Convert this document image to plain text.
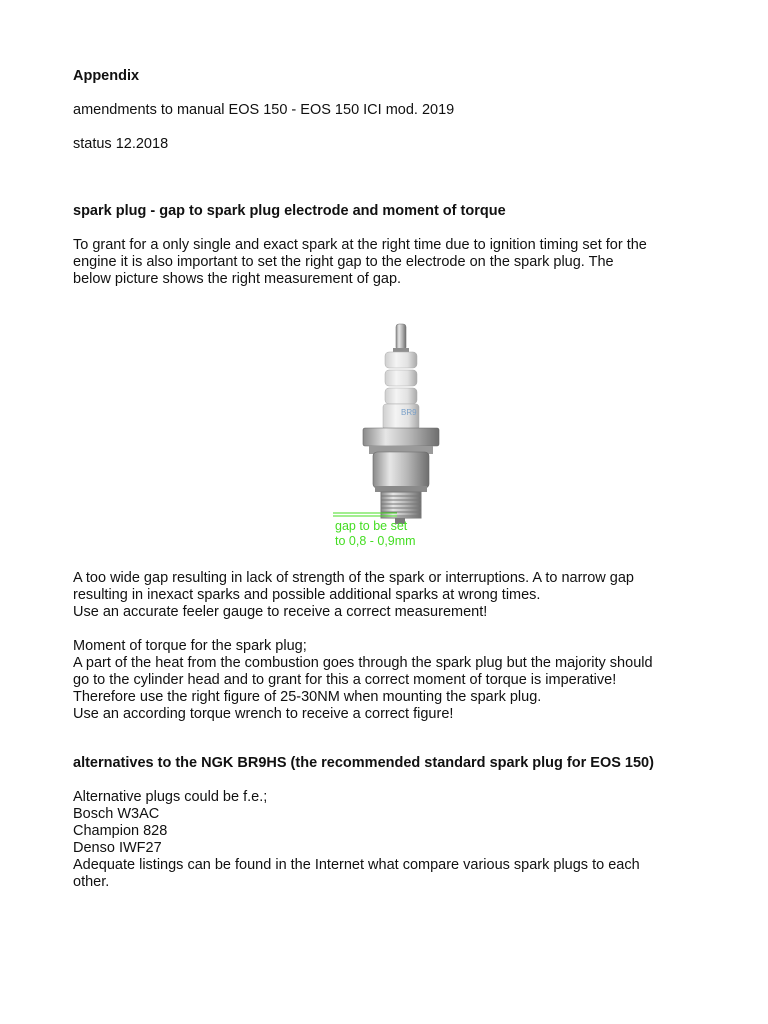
Appendix
amendments to manual EOS 150 - EOS 150 ICI mod. 2019
status 12.2018
spark plug - gap to spark plug electrode and moment of torque
To grant for a only single and exact spark at the right time due to ignition timing set for the
engine it is also important to set the right gap to the electrode on the spark plug. The
below picture shows the right measurement of gap.
BR9
gap to be set
to 0,8 - 0,9mm
A too wide gap resulting in lack of strength of the spark or interruptions. A to narrow gap
resulting in inexact sparks and possible additional sparks at wrong times.
Use an accurate feeler gauge to receive a correct measurement!
Moment of torque for the spark plug;
A part of the heat from the combustion goes through the spark plug but the majority should
go to the cylinder head and to grant for this a correct moment of torque is imperative!
Therefore use the right figure of 25-30NM when mounting the spark plug.
Use an according torque wrench to receive a correct figure!
alternatives to the NGK BR9HS (the recommended standard spark plug for EOS 150)
Alternative plugs could be f.e.;
Bosch W3AC
Champion 828
Denso IWF27
Adequate listings can be found in the Internet what compare various spark plugs to each
other.
